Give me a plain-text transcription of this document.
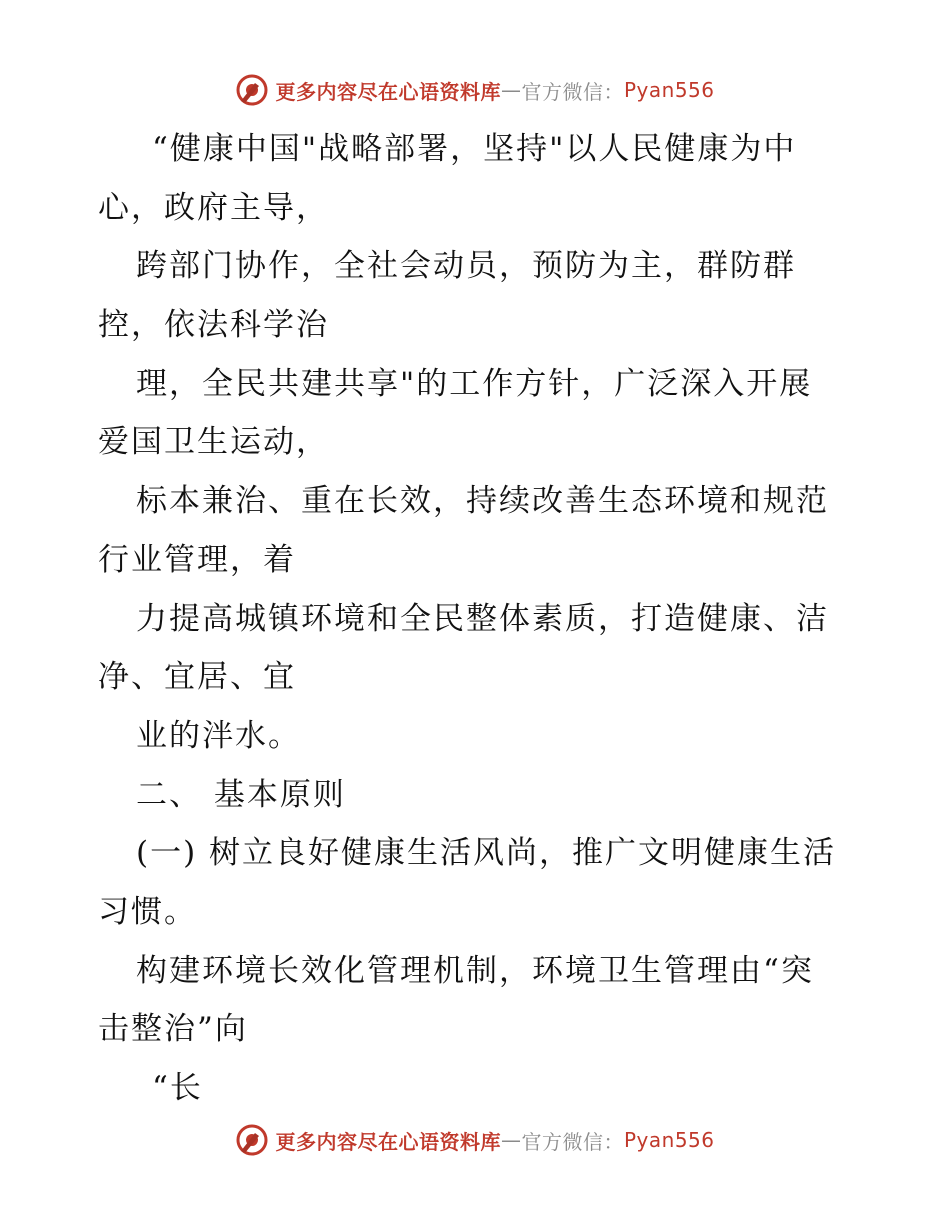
更多内容尽在心语资料库 — 官方微信： Pyan556
“健康中国"战略部署，坚持"以人民健康为中
心，政府主导，
跨部门协作，全社会动员，预防为主，群防群
控，依法科学治
理，全民共建共享"的工作方针，广泛深入开展
爱国卫生运动，
标本兼治、重在长效，持续改善生态环境和规范
行业管理，着
力提高城镇环境和全民整体素质，打造健康、洁
净、宜居、宜
业的泮水。
二、 基本原则
(一) 树立良好健康生活风尚，推广文明健康生活
习惯。
构建环境长效化管理机制，环境卫生管理由“突
击整治”向
“长
更多内容尽在心语资料库 — 官方微信： Pyan556
